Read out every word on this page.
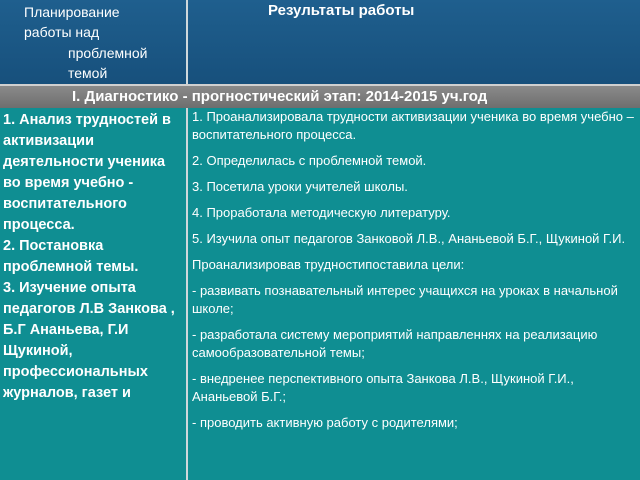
Планирование
работы над
проблемной
темой
Результаты работы
I. Диагностико - прогностический этап: 2014-2015 уч.год
1. Анализ трудностей в активизации деятельности ученика во время учебно - воспитательного процесса.
2. Постановка проблемной темы.
3. Изучение опыта педагогов Л.В Занкова , Б.Г Ананьева, Г.И Щукиной, профессиональных журналов, газет и

1. Проанализировала трудности активизации ученика во время учебно – воспитательного процесса.

2. Определилась с проблемной темой.

3. Посетила уроки учителей школы.

4. Проработала методическую литературу.

5. Изучила опыт педагогов Занковой Л.В., Ананьевой Б.Г., Щукиной Г.И.

Проанализировав трудностипоставила цели:

- развивать познавательный интерес учащихся на уроках в начальной школе;

- разработала систему мероприятий направленнях на реализацию самообразовательной темы;

- внедренее перспективного опыта Занкова Л.В., Щукиной Г.И., Ананьевой Б.Г.;

- проводить активную работу с родителями;
